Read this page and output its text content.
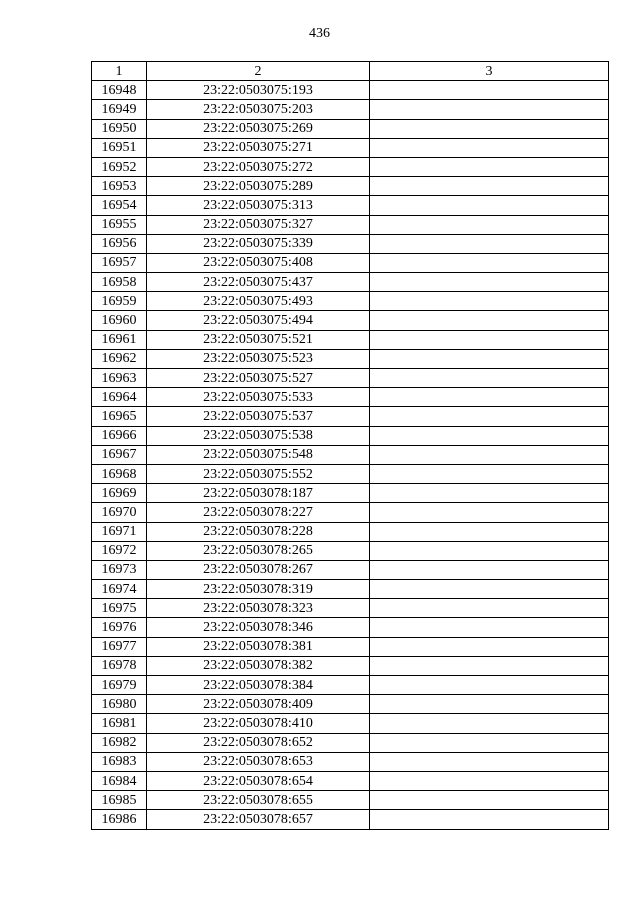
436
1	2	3
16948	23:22:0503075:193	
16949	23:22:0503075:203	
16950	23:22:0503075:269	
16951	23:22:0503075:271	
16952	23:22:0503075:272	
16953	23:22:0503075:289	
16954	23:22:0503075:313	
16955	23:22:0503075:327	
16956	23:22:0503075:339	
16957	23:22:0503075:408	
16958	23:22:0503075:437	
16959	23:22:0503075:493	
16960	23:22:0503075:494	
16961	23:22:0503075:521	
16962	23:22:0503075:523	
16963	23:22:0503075:527	
16964	23:22:0503075:533	
16965	23:22:0503075:537	
16966	23:22:0503075:538	
16967	23:22:0503075:548	
16968	23:22:0503075:552	
16969	23:22:0503078:187	
16970	23:22:0503078:227	
16971	23:22:0503078:228	
16972	23:22:0503078:265	
16973	23:22:0503078:267	
16974	23:22:0503078:319	
16975	23:22:0503078:323	
16976	23:22:0503078:346	
16977	23:22:0503078:381	
16978	23:22:0503078:382	
16979	23:22:0503078:384	
16980	23:22:0503078:409	
16981	23:22:0503078:410	
16982	23:22:0503078:652	
16983	23:22:0503078:653	
16984	23:22:0503078:654	
16985	23:22:0503078:655	
16986	23:22:0503078:657	
